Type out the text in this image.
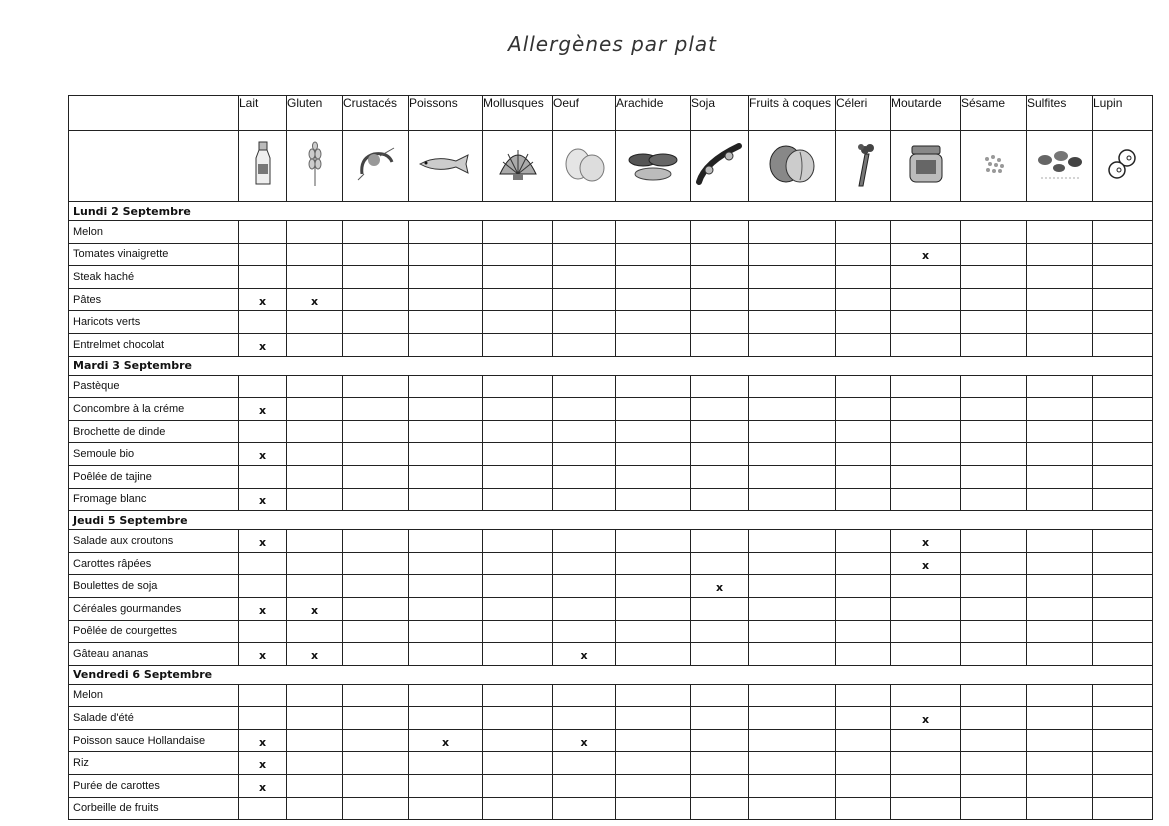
Allergènes par plat
	Lait	Gluten	Crustacés	Poissons	Mollusques	Oeuf	Arachide	Soja	Fruits à coques	Céleri	Moutarde	Sésame	Sulfites	Lupin

Lundi 2 Septembre														
Melon														
Tomates vinaigrette											x			
Steak haché														
Pâtes	x	x												
Haricots verts														
Entrelmet chocolat	x													
Mardi 3 Septembre														
Pastèque														
Concombre à la créme	x													
Brochette de dinde														
Semoule bio	x													
Poêlée de tajine														
Fromage blanc	x													
Jeudi 5 Septembre														
Salade aux croutons	x										x			
Carottes râpées											x			
Boulettes de soja								x						
Céréales gourmandes	x	x												
Poêlée de courgettes														
Gâteau ananas	x	x				x								
Vendredi 6 Septembre														
Melon														
Salade d'été											x			
Poisson sauce Hollandaise	x			x		x								
Riz	x													
Purée de carottes	x													
Corbeille de fruits														
